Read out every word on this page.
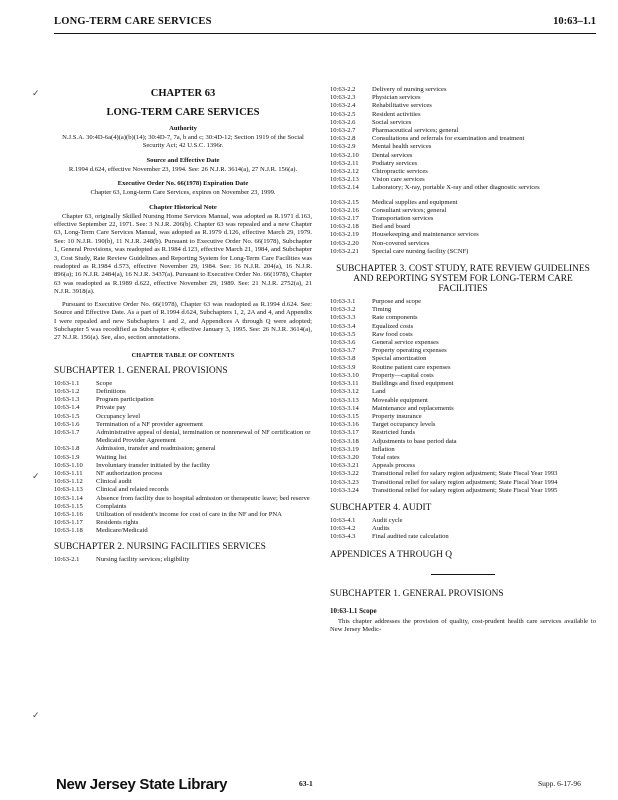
LONG-TERM CARE SERVICES	10:63–1.1
✓
✓
✓
CHAPTER 63
LONG-TERM CARE SERVICES
Authority
N.J.S.A. 30:4D-6a(4)(a)(b)(14); 30:4D-7, 7a, b and c; 30:4D-12; Section 1919 of the Social Security Act; 42 U.S.C. 1396r.
Source and Effective Date
R.1994 d.624, effective November 23, 1994. See: 26 N.J.R. 3614(a), 27 N.J.R. 156(a).
Executive Order No. 66(1978) Expiration Date
Chapter 63, Long-term Care Services, expires on November 23, 1999.
Chapter Historical Note

Chapter 63, originally Skilled Nursing Home Services Manual, was adopted as R.1971 d.163, effective September 22, 1971. See: 3 N.J.R. 206(b). Chapter 63 was repealed and a new Chapter 63, Long-Term Care Services Manual, was adopted as R.1979 d.126, effective March 29, 1979. See: 10 N.J.R. 190(b), 11 N.J.R. 248(b). Pursuant to Executive Order No. 66(1978), Subchapter 1, General Provisions, was readopted as R.1984 d.123, effective March 21, 1984, and Subchapter 3, Cost Study, Rate Review Guidelines and Reporting System for Long-Term Care Facilities was readopted as R.1984 d.573, effective November 29, 1984. See: 16 N.J.R. 204(a), 16 N.J.R. 896(a); 16 N.J.R. 2484(a), 16 N.J.R. 3437(a). Pursuant to Executive Order No. 66(1978), Chapter 63 was readopted as R.1989 d.622, effective November 29, 1989. See: 21 N.J.R. 2752(a), 21 N.J.R. 3918(a).

Pursuant to Executive Order No. 66(1978), Chapter 63 was readopted as R.1994 d.624. See: Source and Effective Date. As a part of R.1994 d.624, Subchapters 1, 2, 2A and 4, and Appendix I were repealed and new Subchapters 1 and 2, and Appendices A through Q were adopted; Subchapter 5 was recodified as Subchapter 4; effective January 3, 1995. See: 26 N.J.R. 3614(a), 27 N.J.R. 156(a). See, also, section annotations.

CHAPTER TABLE OF CONTENTS
SUBCHAPTER 1. GENERAL PROVISIONS
10:63-1.1	Scope
10:63-1.2	Definitions
10:63-1.3	Program participation
10:63-1.4	Private pay
10:63-1.5	Occupancy level
10:63-1.6	Termination of a NF provider agreement
10:63-1.7	Administrative appeal of denial, termination or nonrenewal of NF certification or Medicaid Provider Agreement
10:63-1.8	Admission, transfer and readmission; general
10:63-1.9	Waiting list
10:63-1.10	Involuntary transfer initiated by the facility
10:63-1.11	NF authorization process
10:63-1.12	Clinical audit
10:63-1.13	Clinical and related records
10:63-1.14	Absence from facility due to hospital admission or therapeutic leave; bed reserve
10:63-1.15	Complaints
10:63-1.16	Utilization of resident's income for cost of care in the NF and for PNA
10:63-1.17	Residents rights
10:63-1.18	Medicare/Medicaid
SUBCHAPTER 2. NURSING FACILITIES SERVICES
10:63-2.1	Nursing facility services; eligibility
10:63-2.2	Delivery of nursing services
10:63-2.3	Physician services
10:63-2.4	Rehabilitative services
10:63-2.5	Resident activities
10:63-2.6	Social services
10:63-2.7	Pharmaceutical services; general
10:63-2.8	Consultations and referrals for examination and treatment
10:63-2.9	Mental health services
10:63-2.10	Dental services
10:63-2.11	Podiatry services
10:63-2.12	Chiropractic services
10:63-2.13	Vision care services
10:63-2.14	Laboratory; X-ray, portable X-ray and other diagnostic services
10:63-2.15	Medical supplies and equipment
10:63-2.16	Consultant services; general
10:63-2.17	Transportation services
10:63-2.18	Bed and board
10:63-2.19	Housekeeping and maintenance services
10:63-2.20	Non-covered services
10:63-2.21	Special care nursing facility (SCNF)
SUBCHAPTER 3. COST STUDY, RATE REVIEW GUIDELINES AND REPORTING SYSTEM FOR LONG-TERM CARE FACILITIES
10:63-3.1	Purpose and scope
10:63-3.2	Timing
10:63-3.3	Rate components
10:63-3.4	Equalized costs
10:63-3.5	Raw food costs
10:63-3.6	General service expenses
10:63-3.7	Property operating expenses
10:63-3.8	Special amortization
10:63-3.9	Routine patient care expenses
10:63-3.10	Property—capital costs
10:63-3.11	Buildings and fixed equipment
10:63-3.12	Land
10:63-3.13	Moveable equipment
10:63-3.14	Maintenance and replacements
10:63-3.15	Property insurance
10:63-3.16	Target occupancy levels
10:63-3.17	Restricted funds
10:63-3.18	Adjustments to base period data
10:63-3.19	Inflation
10:63-3.20	Total rates
10:63-3.21	Appeals process
10:63-3.22	Transitional relief for salary region adjustment; State Fiscal Year 1993
10:63-3.23	Transitional relief for salary region adjustment; State Fiscal Year 1994
10:63-3.24	Transitional relief for salary region adjustment; State Fiscal Year 1995
SUBCHAPTER 4. AUDIT
10:63-4.1	Audit cycle
10:63-4.2	Audits
10:63-4.3	Final audited rate calculation
APPENDICES A THROUGH Q
SUBCHAPTER 1. GENERAL PROVISIONS
10:63-1.1 Scope

This chapter addresses the provision of quality, cost-prudent health care services available to New Jersey Medic-

New Jersey State Library	63-1	Supp. 6-17-96
